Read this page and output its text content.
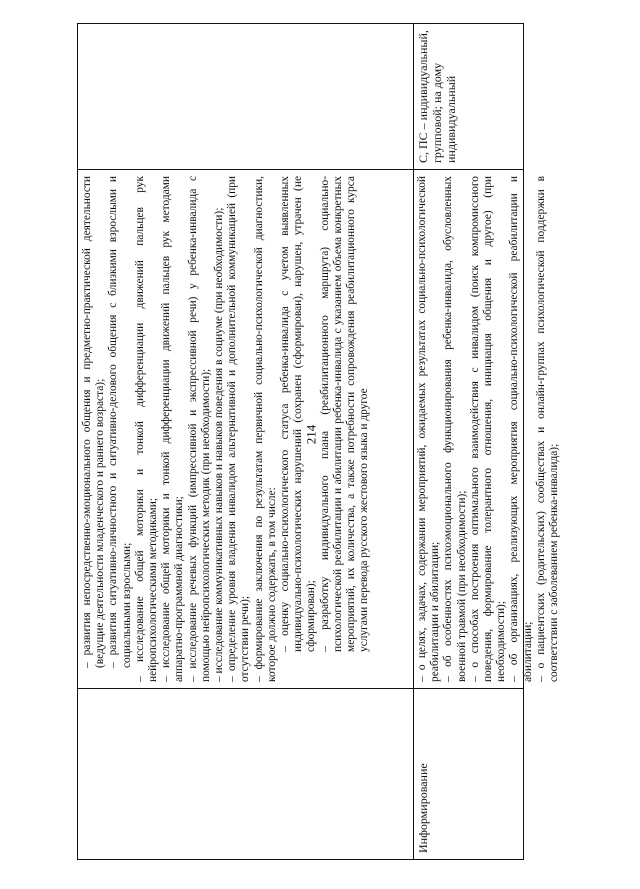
214
Информирование

– развития непосредственно-эмоционального общения и предметно-практической деятельности (ведущие деятельности младенческого и раннего возраста); – развития ситуативно-личностного и ситуативно-делового общения с близкими взрослыми и социальными взрослыми; – исследование общей моторики и тонкой дифференциации движений пальцев рук нейропсихологическими методиками; – исследование общей моторики и тонкой дифференциации движений пальцев рук методами аппаратно-программной диагностики; – исследование речевых функций (импрессивной и экспрессивной речи) у ребенка-инвалида с помощью нейропсихологических методик (при необходимости); – исследование коммуникативных навыков и навыков поведения в социуме (при необходимости); – определение уровня владения инвалидом альтернативной и дополнительной коммуникацией (при отсутствии речи); – формирование заключения по результатам первичной социально-психологической диагностики, которое должно содержать, в том числе: – оценку социально-психологического статуса ребенка-инвалида с учетом выявленных индивидуально-психологических нарушений (сохранен (сформирован), нарушен, утрачен (не сформирован); – разработку индивидуального плана (реабилитационного маршрута) социально-психологической реабилитации и абилитации ребенка-инвалида с указанием объема конкретных мероприятий, их количества, а также потребности сопровождения реабилитационного курса услугами перевода русского жестового языка и другое	– о целях, задачах, содержании мероприятий, ожидаемых результатах социально-психологической реабилитации и абилитации; – об особенностях психоэмоционального функционирования ребенка-инвалида, обусловленных военной травмой (при необходимости); – о способах построения оптимального взаимодействия с инвалидом (поиск компромиссного поведения, формирование толерантного отношения, инициация общения и другое) (при необходимости); – об организациях, реализующих мероприятия социально-психологической реабилитации и абилитации; – о пациентских (родительских) сообществах и онлайн-группах психологической поддержки в соответствии с заболеванием ребенка-инвалида);

С, ПС – индивидуальный, групповой; на дому индивидуальный
